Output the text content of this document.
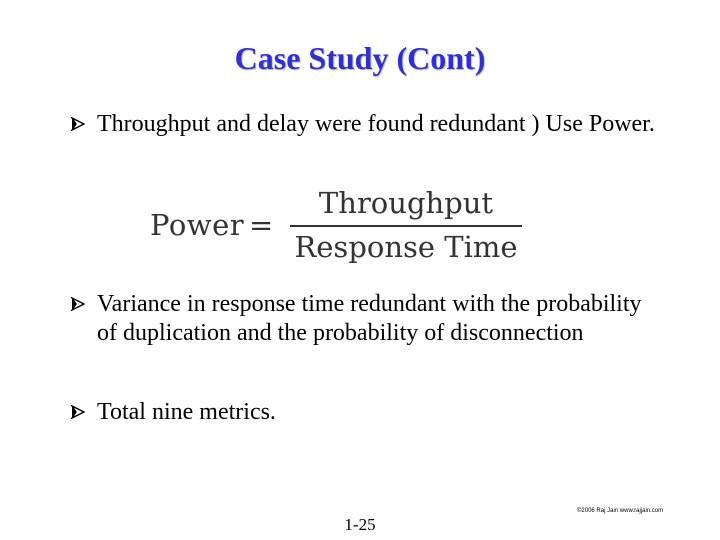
Case Study (Cont)

Throughput and delay were found redundant ) Use Power.

Power =
Throughput
Response Time

Variance in response time redundant with the probability of duplication and the probability of disconnection

Total nine metrics.

©2006 Raj Jain www.rajjain.com
1-25
